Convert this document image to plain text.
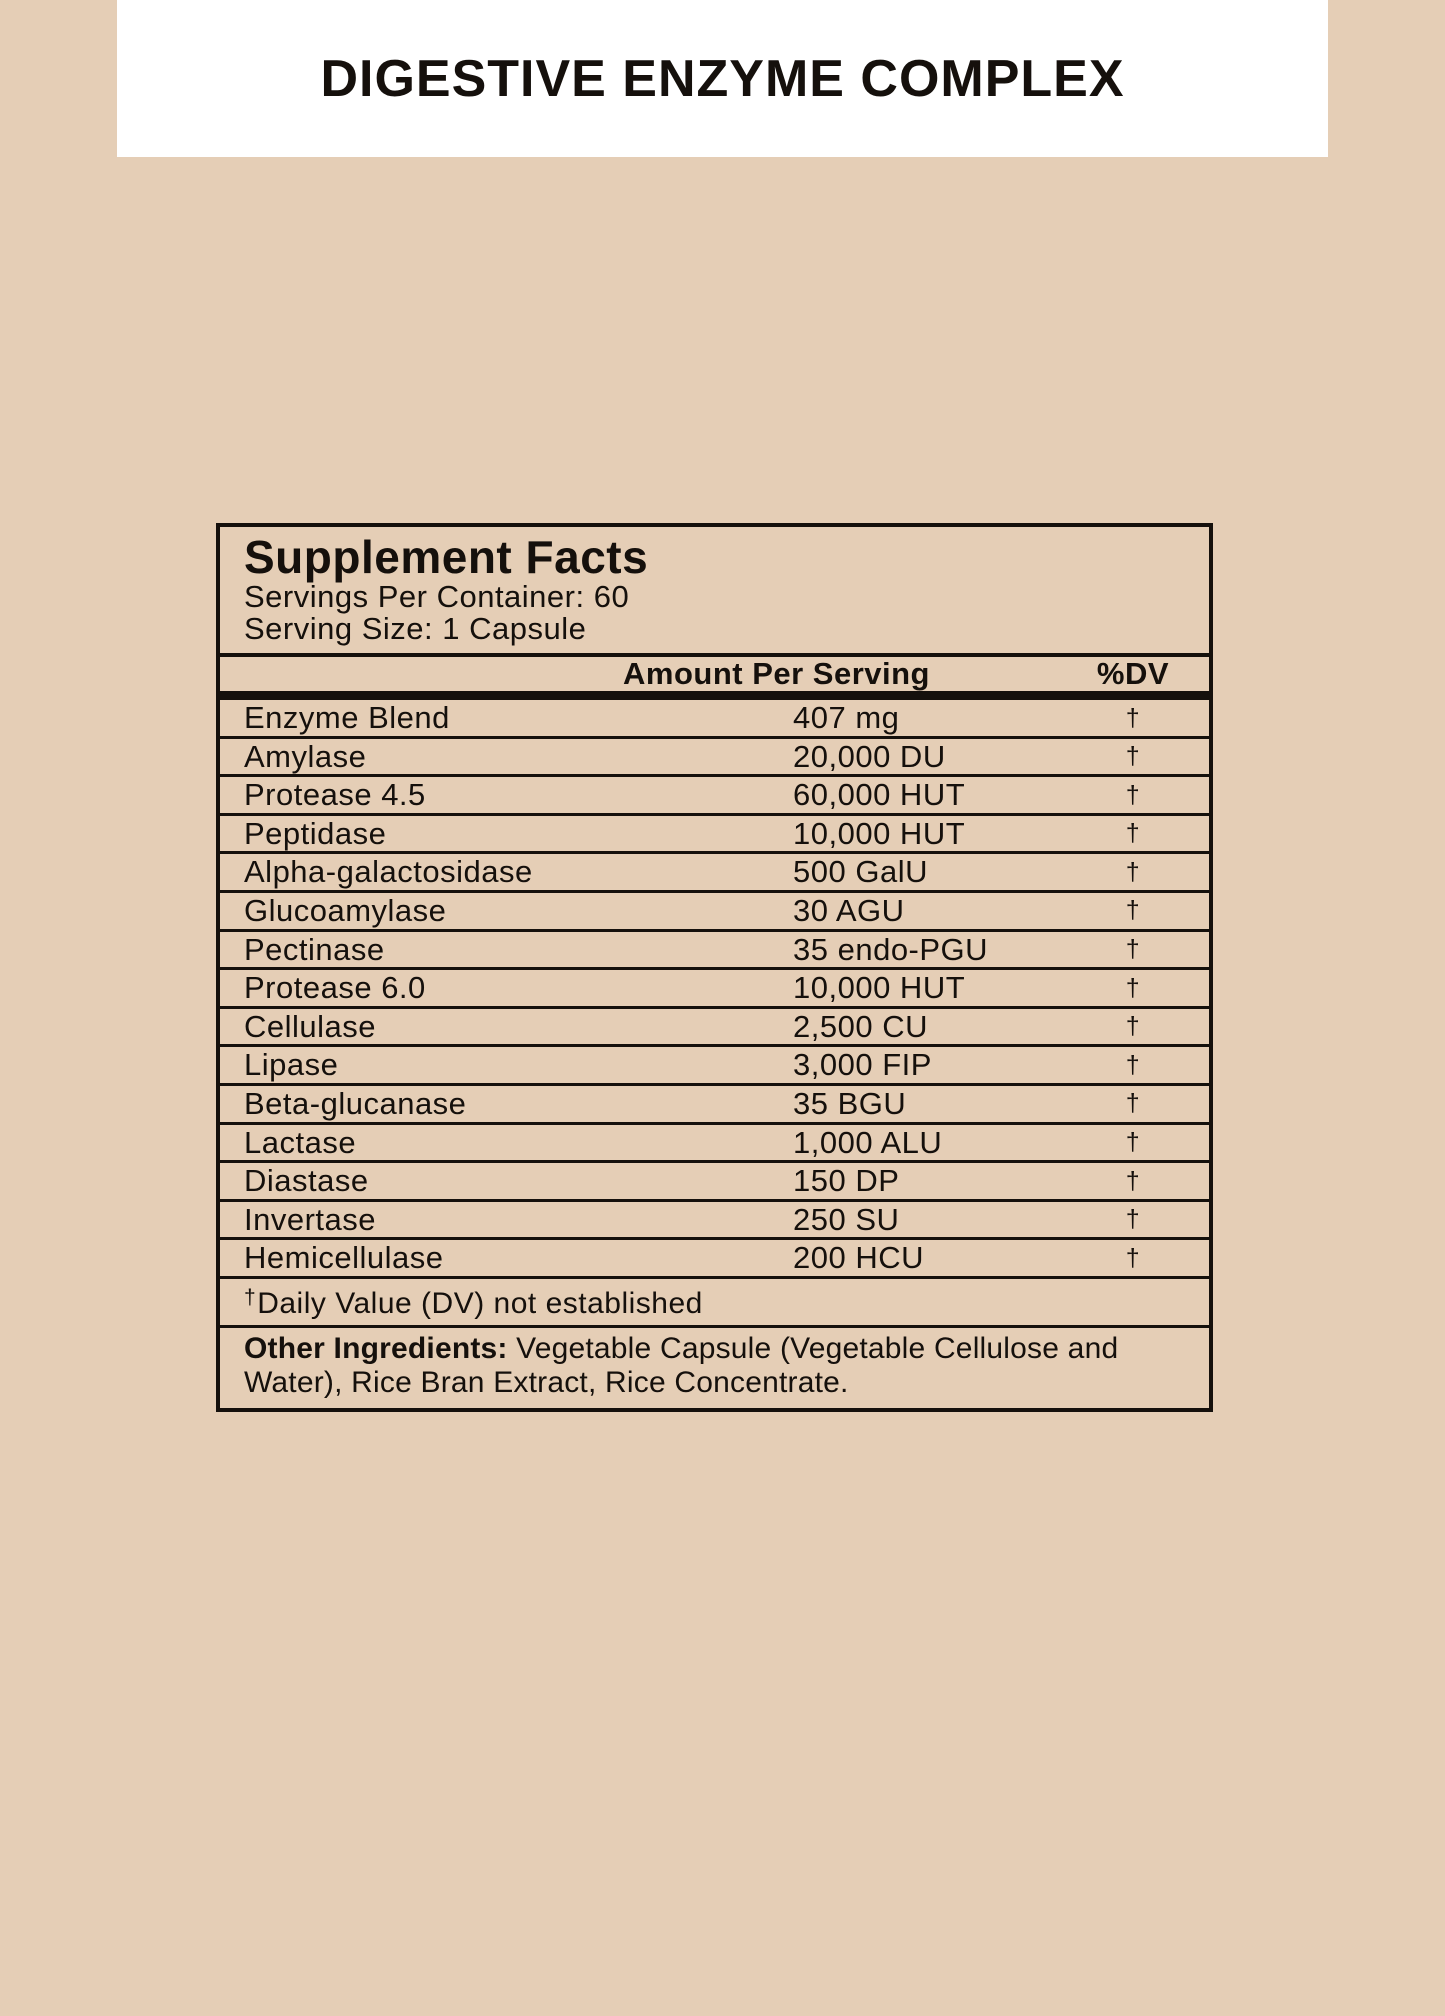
DIGESTIVE ENZYME COMPLEX
Supplement Facts
Servings Per Container: 60
Serving Size: 1 Capsule
Amount Per Serving	%DV
Enzyme Blend	407 mg	†
Amylase	20,000 DU	†
Protease 4.5	60,000 HUT	†
Peptidase	10,000 HUT	†
Alpha-galactosidase	500 GalU	†
Glucoamylase	30 AGU	†
Pectinase	35 endo-PGU	†
Protease 6.0	10,000 HUT	†
Cellulase	2,500 CU	†
Lipase	3,000 FIP	†
Beta-glucanase	35 BGU	†
Lactase	1,000 ALU	†
Diastase	150 DP	†
Invertase	250 SU	†
Hemicellulase	200 HCU	†
†Daily Value (DV) not established
Other Ingredients: Vegetable Capsule (Vegetable Cellulose and Water), Rice Bran Extract, Rice Concentrate.
